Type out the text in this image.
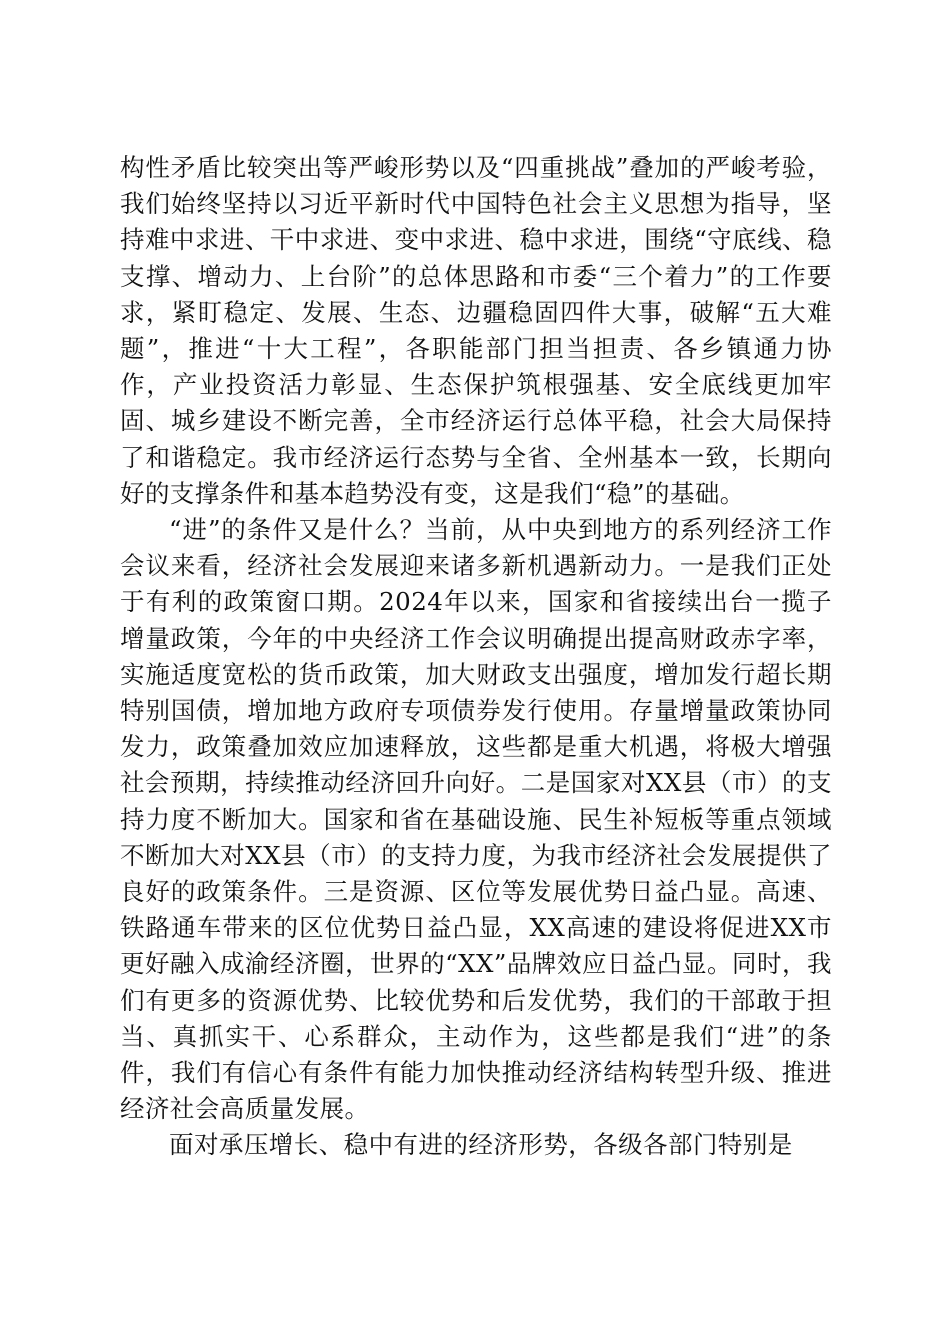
构性矛盾比较突出等严峻形势以及“四重挑战”叠加的严峻考验，我们始终坚持以习近平新时代中国特色社会主义思想为指导，坚持难中求进、干中求进、变中求进、稳中求进，围绕“守底线、稳支撑、增动力、上台阶”的总体思路和市委“三个着力”的工作要求，紧盯稳定、发展、生态、边疆稳固四件大事，破解“五大难题”，推进“十大工程”，各职能部门担当担责、各乡镇通力协作，产业投资活力彰显、生态保护筑根强基、安全底线更加牢固、城乡建设不断完善，全市经济运行总体平稳，社会大局保持了和谐稳定。我市经济运行态势与全省、全州基本一致，长期向好的支撑条件和基本趋势没有变，这是我们“稳”的基础。

“进”的条件又是什么？当前，从中央到地方的系列经济工作会议来看，经济社会发展迎来诸多新机遇新动力。一是我们正处于有利的政策窗口期。2024年以来，国家和省接续出台一揽子增量政策，今年的中央经济工作会议明确提出提高财政赤字率，实施适度宽松的货币政策，加大财政支出强度，增加发行超长期特别国债，增加地方政府专项债券发行使用。存量增量政策协同发力，政策叠加效应加速释放，这些都是重大机遇，将极大增强社会预期，持续推动经济回升向好。二是国家对XX县（市）的支持力度不断加大。国家和省在基础设施、民生补短板等重点领域不断加大对XX县（市）的支持力度，为我市经济社会发展提供了良好的政策条件。三是资源、区位等发展优势日益凸显。高速、铁路通车带来的区位优势日益凸显，XX高速的建设将促进XX市更好融入成渝经济圈，世界的“XX”品牌效应日益凸显。同时，我们有更多的资源优势、比较优势和后发优势，我们的干部敢于担当、真抓实干、心系群众，主动作为，这些都是我们“进”的条件，我们有信心有条件有能力加快推动经济结构转型升级、推进经济社会高质量发展。

面对承压增长、稳中有进的经济形势，各级各部门特别是
